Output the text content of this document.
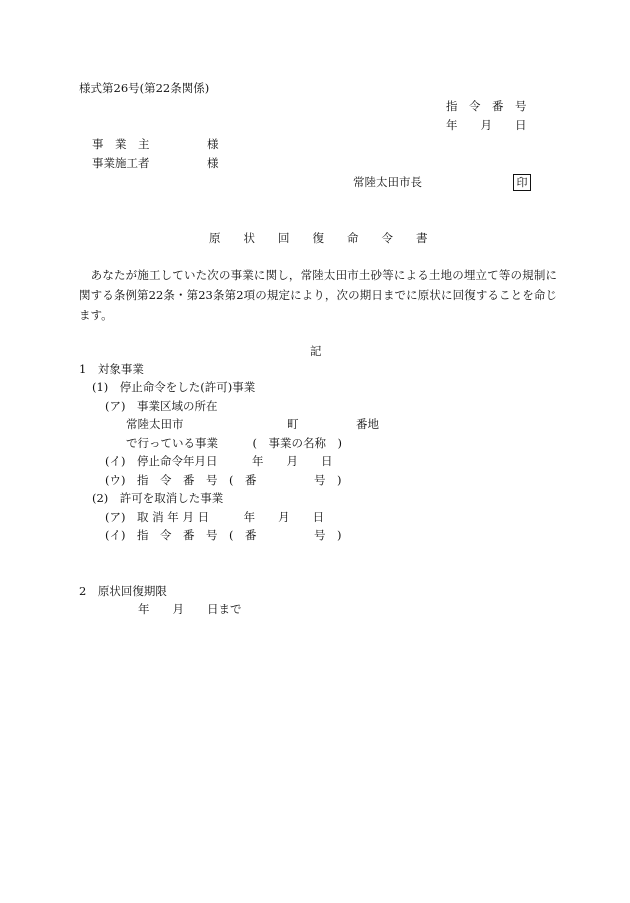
様式第26号(第22条関係)
指　令　番　号
年　　月　　日
事　業　主　　　　　様
事業施工者　　　　　様
常陸太田市長	印
原　　状　　回　　復　　命　　令　　書
　あなたが施工していた次の事業に関し，常陸太田市土砂等による土地の埋立て等の規制に関する条例第22条・第23条第2項の規定により，次の期日までに原状に回復することを命じます。
記
1　対象事業
(1)　停止命令をした(許可)事業
(ア)　事業区域の所在
常陸太田市　　　　　　　　　町　　　　　番地
で行っている事業　　　(　事業の名称　)
(イ)　停止命令年月日　　　年　　月　　日
(ウ)　指　令　番　号　(　番　　　　　号　)
(2)　許可を取消した事業
(ア)　取 消 年 月 日　　　年　　月　　日
(イ)　指　令　番　号　(　番　　　　　号　)
2　原状回復期限
年　　月　　日まで
